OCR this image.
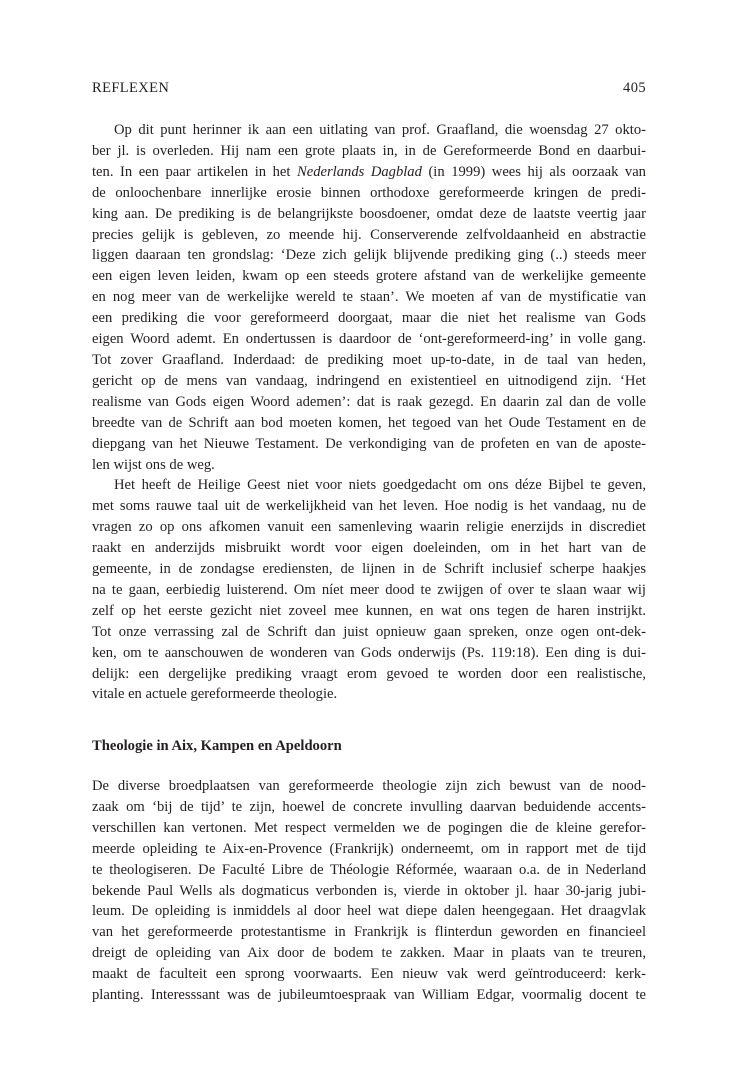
REFLEXEN	405
Op dit punt herinner ik aan een uitlating van prof. Graafland, die woensdag 27 okto-
ber jl. is overleden. Hij nam een grote plaats in, in de Gereformeerde Bond en daarbui-
ten. In een paar artikelen in het Nederlands Dagblad (in 1999) wees hij als oorzaak van
de onloochenbare innerlijke erosie binnen orthodoxe gereformeerde kringen de predi-
king aan. De prediking is de belangrijkste boosdoener, omdat deze de laatste veertig jaar
precies gelijk is gebleven, zo meende hij. Conserverende zelfvoldaanheid en abstractie
liggen daaraan ten grondslag: ‘Deze zich gelijk blijvende prediking ging (..) steeds meer
een eigen leven leiden, kwam op een steeds grotere afstand van de werkelijke gemeente
en nog meer van de werkelijke wereld te staan’. We moeten af van de mystificatie van
een prediking die voor gereformeerd doorgaat, maar die niet het realisme van Gods
eigen Woord ademt. En ondertussen is daardoor de ‘ont-gereformeerd-ing’ in volle gang.
Tot zover Graafland. Inderdaad: de prediking moet up-to-date, in de taal van heden,
gericht op de mens van vandaag, indringend en existentieel en uitnodigend zijn. ‘Het
realisme van Gods eigen Woord ademen’: dat is raak gezegd. En daarin zal dan de volle
breedte van de Schrift aan bod moeten komen, het tegoed van het Oude Testament en de
diepgang van het Nieuwe Testament. De verkondiging van de profeten en van de aposte-
len wijst ons de weg.
Het heeft de Heilige Geest niet voor niets goedgedacht om ons déze Bijbel te geven,
met soms rauwe taal uit de werkelijkheid van het leven. Hoe nodig is het vandaag, nu de
vragen zo op ons afkomen vanuit een samenleving waarin religie enerzijds in discrediet
raakt en anderzijds misbruikt wordt voor eigen doeleinden, om in het hart van de
gemeente, in de zondagse erediensten, de lijnen in de Schrift inclusief scherpe haakjes
na te gaan, eerbiedig luisterend. Om níet meer dood te zwijgen of over te slaan waar wij
zelf op het eerste gezicht niet zoveel mee kunnen, en wat ons tegen de haren instrijkt.
Tot onze verrassing zal de Schrift dan juist opnieuw gaan spreken, onze ogen ont-dek-
ken, om te aanschouwen de wonderen van Gods onderwijs (Ps. 119:18). Een ding is dui-
delijk: een dergelijke prediking vraagt erom gevoed te worden door een realistische,
vitale en actuele gereformeerde theologie.
Theologie in Aix, Kampen en Apeldoorn
De diverse broedplaatsen van gereformeerde theologie zijn zich bewust van de nood-
zaak om ‘bij de tijd’ te zijn, hoewel de concrete invulling daarvan beduidende accents-
verschillen kan vertonen. Met respect vermelden we de pogingen die de kleine gerefor-
meerde opleiding te Aix-en-Provence (Frankrijk) onderneemt, om in rapport met de tijd
te theologiseren. De Faculté Libre de Théologie Réformée, waaraan o.a. de in Nederland
bekende Paul Wells als dogmaticus verbonden is, vierde in oktober jl. haar 30-jarig jubi-
leum. De opleiding is inmiddels al door heel wat diepe dalen heengegaan. Het draagvlak
van het gereformeerde protestantisme in Frankrijk is flinterdun geworden en financieel
dreigt de opleiding van Aix door de bodem te zakken. Maar in plaats van te treuren,
maakt de faculteit een sprong voorwaarts. Een nieuw vak werd geïntroduceerd: kerk-
planting. Interesssant was de jubileumtoespraak van William Edgar, voormalig docent te
